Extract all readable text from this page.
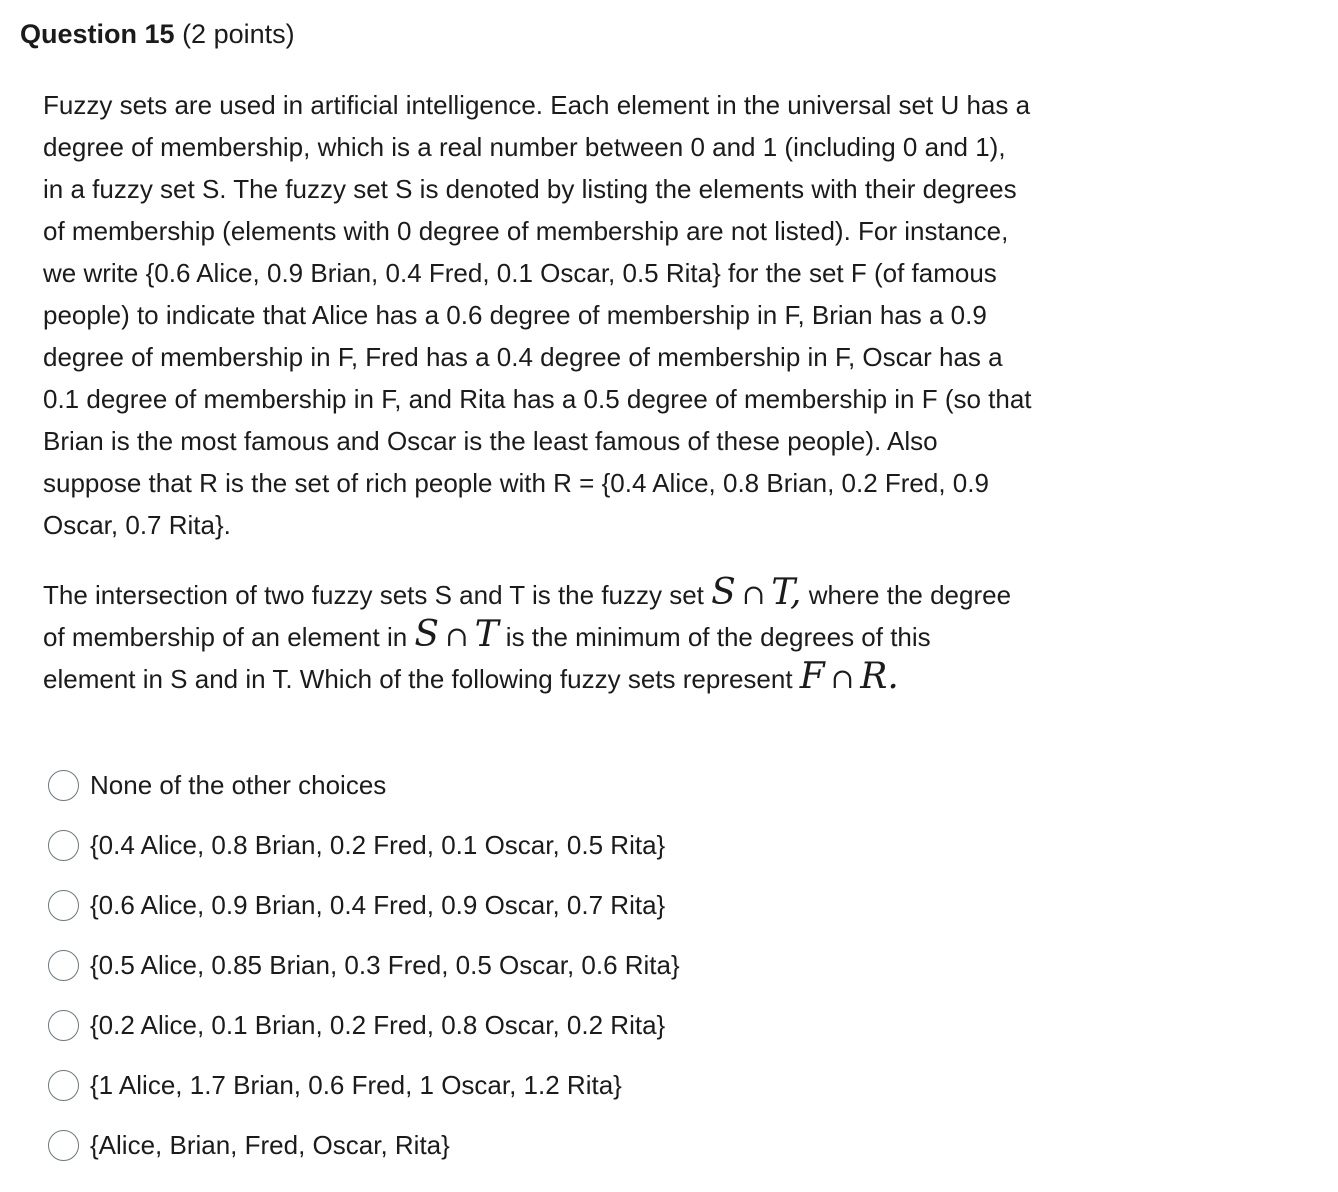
Question 15 (2 points)

Fuzzy sets are used in artificial intelligence. Each element in the universal set U has a
degree of membership, which is a real number between 0 and 1 (including 0 and 1),
in a fuzzy set S. The fuzzy set S is denoted by listing the elements with their degrees
of membership (elements with 0 degree of membership are not listed). For instance,
we write {0.6 Alice, 0.9 Brian, 0.4 Fred, 0.1 Oscar, 0.5 Rita} for the set F (of famous
people) to indicate that Alice has a 0.6 degree of membership in F, Brian has a 0.9
degree of membership in F, Fred has a 0.4 degree of membership in F, Oscar has a
0.1 degree of membership in F, and Rita has a 0.5 degree of membership in F (so that
Brian is the most famous and Oscar is the least famous of these people). Also
suppose that R is the set of rich people with R = {0.4 Alice, 0.8 Brian, 0.2 Fred, 0.9
Oscar, 0.7 Rita}.

The intersection of two fuzzy sets S and T is the fuzzy set S ∩ T, where the degree
of membership of an element in S ∩ T is the minimum of the degrees of this
element in S and in T. Which of the following fuzzy sets represent F ∩ R.

None of the other choices
{0.4 Alice, 0.8 Brian, 0.2 Fred, 0.1 Oscar, 0.5 Rita}
{0.6 Alice, 0.9 Brian, 0.4 Fred, 0.9 Oscar, 0.7 Rita}
{0.5 Alice, 0.85 Brian, 0.3 Fred, 0.5 Oscar, 0.6 Rita}
{0.2 Alice, 0.1 Brian, 0.2 Fred, 0.8 Oscar, 0.2 Rita}
{1 Alice, 1.7 Brian, 0.6 Fred, 1 Oscar, 1.2 Rita}
{Alice, Brian, Fred, Oscar, Rita}
